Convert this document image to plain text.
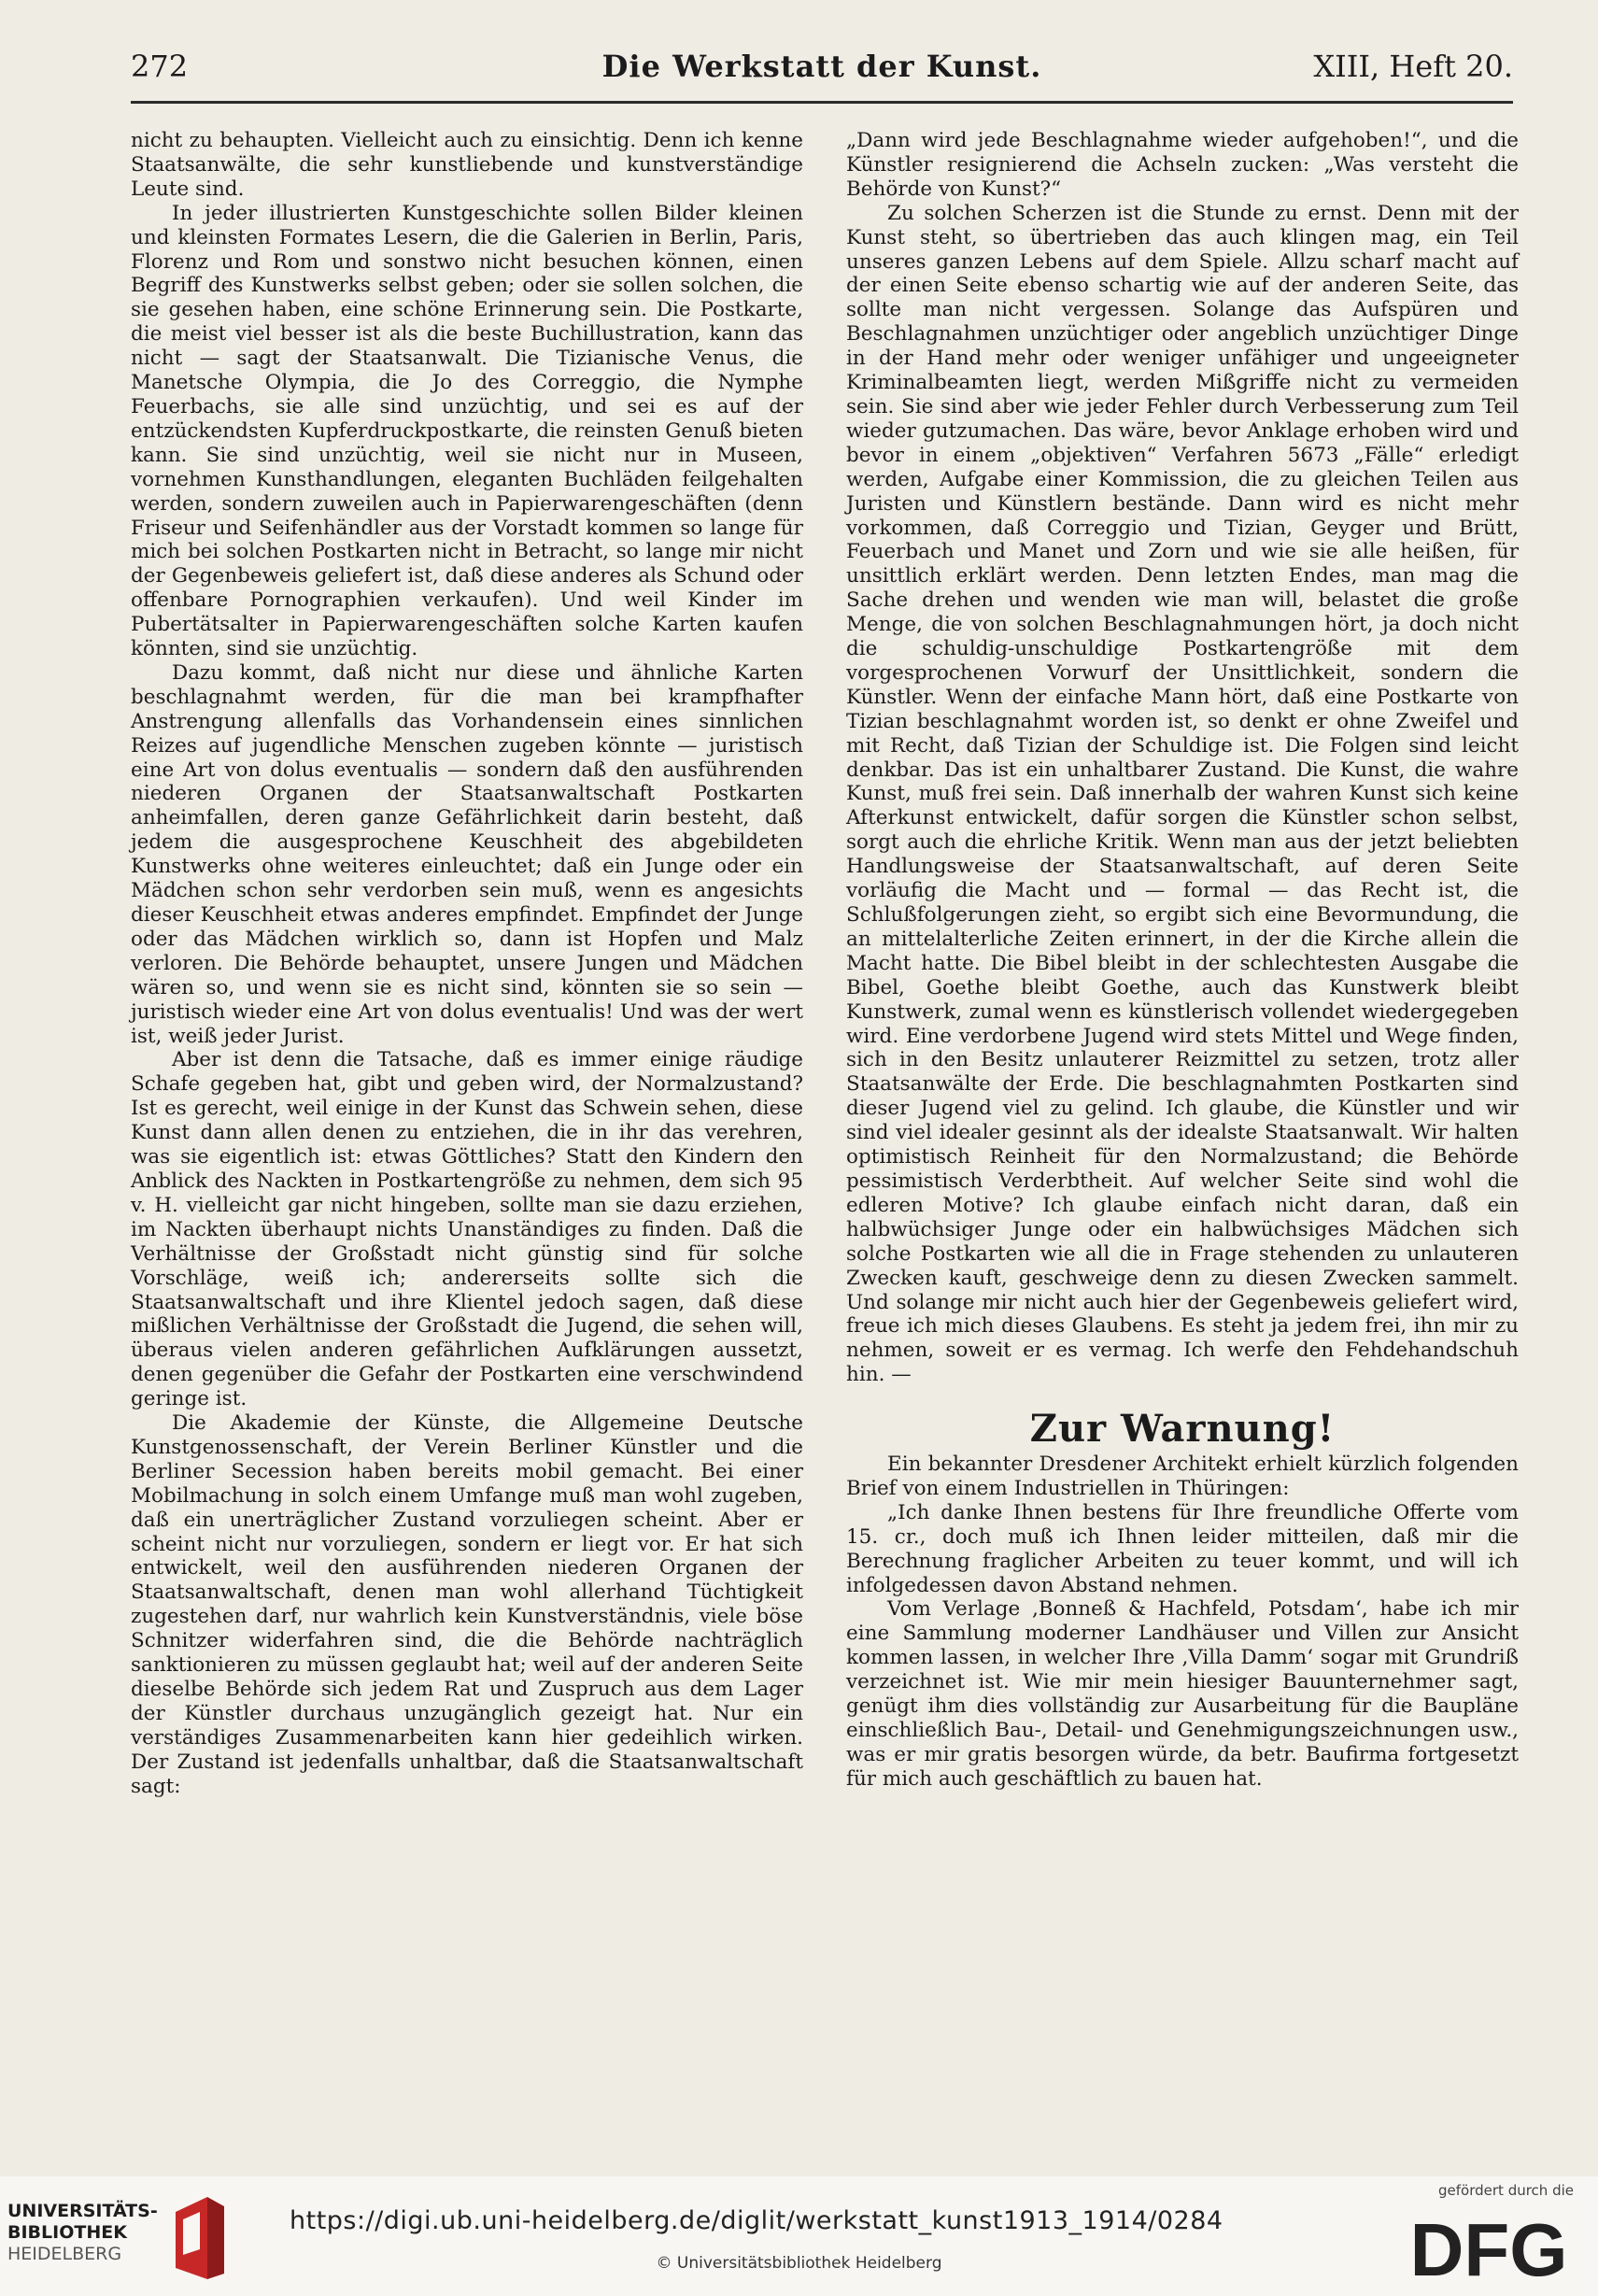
272	Die Werkstatt der Kunst.	XIII, Heft 20.

nicht zu behaupten. Vielleicht auch zu einsichtig. Denn ich kenne Staatsanwälte, die sehr kunstliebende und kunstverständige Leute sind.

In jeder illustrierten Kunstgeschichte sollen Bilder kleinen und kleinsten Formates Lesern, die die Galerien in Berlin, Paris, Florenz und Rom und sonstwo nicht besuchen können, einen Begriff des Kunstwerks selbst geben; oder sie sollen solchen, die sie gesehen haben, eine schöne Erinnerung sein. Die Postkarte, die meist viel besser ist als die beste Buchillustration, kann das nicht — sagt der Staatsanwalt. Die Tizianische Venus, die Manetsche Olympia, die Jo des Correggio, die Nymphe Feuerbachs, sie alle sind unzüchtig, und sei es auf der entzückendsten Kupferdruckpostkarte, die reinsten Genuß bieten kann. Sie sind unzüchtig, weil sie nicht nur in Museen, vornehmen Kunsthandlungen, eleganten Buchläden feilgehalten werden, sondern zuweilen auch in Papierwarengeschäften (denn Friseur und Seifenhändler aus der Vorstadt kommen so lange für mich bei solchen Postkarten nicht in Betracht, so lange mir nicht der Gegenbeweis geliefert ist, daß diese anderes als Schund oder offenbare Pornographien verkaufen). Und weil Kinder im Pubertätsalter in Papierwarengeschäften solche Karten kaufen könnten, sind sie unzüchtig.

Dazu kommt, daß nicht nur diese und ähnliche Karten beschlagnahmt werden, für die man bei krampfhafter Anstrengung allenfalls das Vorhandensein eines sinnlichen Reizes auf jugendliche Menschen zugeben könnte — juristisch eine Art von dolus eventualis — sondern daß den ausführenden niederen Organen der Staatsanwaltschaft Postkarten anheimfallen, deren ganze Gefährlichkeit darin besteht, daß jedem die ausgesprochene Keuschheit des abgebildeten Kunstwerks ohne weiteres einleuchtet; daß ein Junge oder ein Mädchen schon sehr verdorben sein muß, wenn es angesichts dieser Keuschheit etwas anderes empfindet. Empfindet der Junge oder das Mädchen wirklich so, dann ist Hopfen und Malz verloren. Die Behörde behauptet, unsere Jungen und Mädchen wären so, und wenn sie es nicht sind, könnten sie so sein — juristisch wieder eine Art von dolus eventualis! Und was der wert ist, weiß jeder Jurist.

Aber ist denn die Tatsache, daß es immer einige räudige Schafe gegeben hat, gibt und geben wird, der Normalzustand? Ist es gerecht, weil einige in der Kunst das Schwein sehen, diese Kunst dann allen denen zu entziehen, die in ihr das verehren, was sie eigentlich ist: etwas Göttliches? Statt den Kindern den Anblick des Nackten in Postkartengröße zu nehmen, dem sich 95 v. H. vielleicht gar nicht hingeben, sollte man sie dazu erziehen, im Nackten überhaupt nichts Unanständiges zu finden. Daß die Verhältnisse der Großstadt nicht günstig sind für solche Vorschläge, weiß ich; andererseits sollte sich die Staatsanwaltschaft und ihre Klientel jedoch sagen, daß diese mißlichen Verhältnisse der Großstadt die Jugend, die sehen will, überaus vielen anderen gefährlichen Aufklärungen aussetzt, denen gegenüber die Gefahr der Postkarten eine verschwindend geringe ist.

Die Akademie der Künste, die Allgemeine Deutsche Kunstgenossenschaft, der Verein Berliner Künstler und die Berliner Secession haben bereits mobil gemacht. Bei einer Mobilmachung in solch einem Umfange muß man wohl zugeben, daß ein unerträglicher Zustand vorzuliegen scheint. Aber er scheint nicht nur vorzuliegen, sondern er liegt vor. Er hat sich entwickelt, weil den ausführenden niederen Organen der Staatsanwaltschaft, denen man wohl allerhand Tüchtigkeit zugestehen darf, nur wahrlich kein Kunstverständnis, viele böse Schnitzer widerfahren sind, die die Behörde nachträglich sanktionieren zu müssen geglaubt hat; weil auf der anderen Seite dieselbe Behörde sich jedem Rat und Zuspruch aus dem Lager der Künstler durchaus unzugänglich gezeigt hat. Nur ein verständiges Zusammenarbeiten kann hier gedeihlich wirken. Der Zustand ist jedenfalls unhaltbar, daß die Staatsanwaltschaft sagt:

„Dann wird jede Beschlagnahme wieder aufgehoben!“, und die Künstler resignierend die Achseln zucken: „Was versteht die Behörde von Kunst?“

Zu solchen Scherzen ist die Stunde zu ernst. Denn mit der Kunst steht, so übertrieben das auch klingen mag, ein Teil unseres ganzen Lebens auf dem Spiele. Allzu scharf macht auf der einen Seite ebenso schartig wie auf der anderen Seite, das sollte man nicht vergessen. Solange das Aufspüren und Beschlagnahmen unzüchtiger oder angeblich unzüchtiger Dinge in der Hand mehr oder weniger unfähiger und ungeeigneter Kriminalbeamten liegt, werden Mißgriffe nicht zu vermeiden sein. Sie sind aber wie jeder Fehler durch Verbesserung zum Teil wieder gutzumachen. Das wäre, bevor Anklage erhoben wird und bevor in einem „objektiven“ Verfahren 5673 „Fälle“ erledigt werden, Aufgabe einer Kommission, die zu gleichen Teilen aus Juristen und Künstlern bestände. Dann wird es nicht mehr vorkommen, daß Correggio und Tizian, Geyger und Brütt, Feuerbach und Manet und Zorn und wie sie alle heißen, für unsittlich erklärt werden. Denn letzten Endes, man mag die Sache drehen und wenden wie man will, belastet die große Menge, die von solchen Beschlagnahmungen hört, ja doch nicht die schuldig-unschuldige Postkartengröße mit dem vorgesprochenen Vorwurf der Unsittlichkeit, sondern die Künstler. Wenn der einfache Mann hört, daß eine Postkarte von Tizian beschlagnahmt worden ist, so denkt er ohne Zweifel und mit Recht, daß Tizian der Schuldige ist. Die Folgen sind leicht denkbar. Das ist ein unhaltbarer Zustand. Die Kunst, die wahre Kunst, muß frei sein. Daß innerhalb der wahren Kunst sich keine Afterkunst entwickelt, dafür sorgen die Künstler schon selbst, sorgt auch die ehrliche Kritik. Wenn man aus der jetzt beliebten Handlungsweise der Staatsanwaltschaft, auf deren Seite vorläufig die Macht und — formal — das Recht ist, die Schlußfolgerungen zieht, so ergibt sich eine Bevormundung, die an mittelalterliche Zeiten erinnert, in der die Kirche allein die Macht hatte. Die Bibel bleibt in der schlechtesten Ausgabe die Bibel, Goethe bleibt Goethe, auch das Kunstwerk bleibt Kunstwerk, zumal wenn es künstlerisch vollendet wiedergegeben wird. Eine verdorbene Jugend wird stets Mittel und Wege finden, sich in den Besitz unlauterer Reizmittel zu setzen, trotz aller Staatsanwälte der Erde. Die beschlagnahmten Postkarten sind dieser Jugend viel zu gelind. Ich glaube, die Künstler und wir sind viel idealer gesinnt als der idealste Staatsanwalt. Wir halten optimistisch Reinheit für den Normalzustand; die Behörde pessimistisch Verderbtheit. Auf welcher Seite sind wohl die edleren Motive? Ich glaube einfach nicht daran, daß ein halbwüchsiger Junge oder ein halbwüchsiges Mädchen sich solche Postkarten wie all die in Frage stehenden zu unlauteren Zwecken kauft, geschweige denn zu diesen Zwecken sammelt. Und solange mir nicht auch hier der Gegenbeweis geliefert wird, freue ich mich dieses Glaubens. Es steht ja jedem frei, ihn mir zu nehmen, soweit er es vermag. Ich werfe den Fehdehandschuh hin. —

Zur Warnung!

Ein bekannter Dresdener Architekt erhielt kürzlich folgenden Brief von einem Industriellen in Thüringen:

„Ich danke Ihnen bestens für Ihre freundliche Offerte vom 15. cr., doch muß ich Ihnen leider mitteilen, daß mir die Berechnung fraglicher Arbeiten zu teuer kommt, und will ich infolgedessen davon Abstand nehmen.

Vom Verlage ‚Bonneß & Hachfeld, Potsdam‘, habe ich mir eine Sammlung moderner Landhäuser und Villen zur Ansicht kommen lassen, in welcher Ihre ‚Villa Damm‘ sogar mit Grundriß verzeichnet ist. Wie mir mein hiesiger Bauunternehmer sagt, genügt ihm dies vollständig zur Ausarbeitung für die Baupläne einschließlich Bau-, Detail- und Genehmigungszeichnungen usw., was er mir gratis besorgen würde, da betr. Baufirma fortgesetzt für mich auch geschäftlich zu bauen hat.

UNIVERSITÄTS-
BIBLIOTHEK
HEIDELBERG
https://digi.ub.uni-heidelberg.de/diglit/werkstatt_kunst1913_1914/0284
© Universitätsbibliothek Heidelberg
gefördert durch die
DFG
